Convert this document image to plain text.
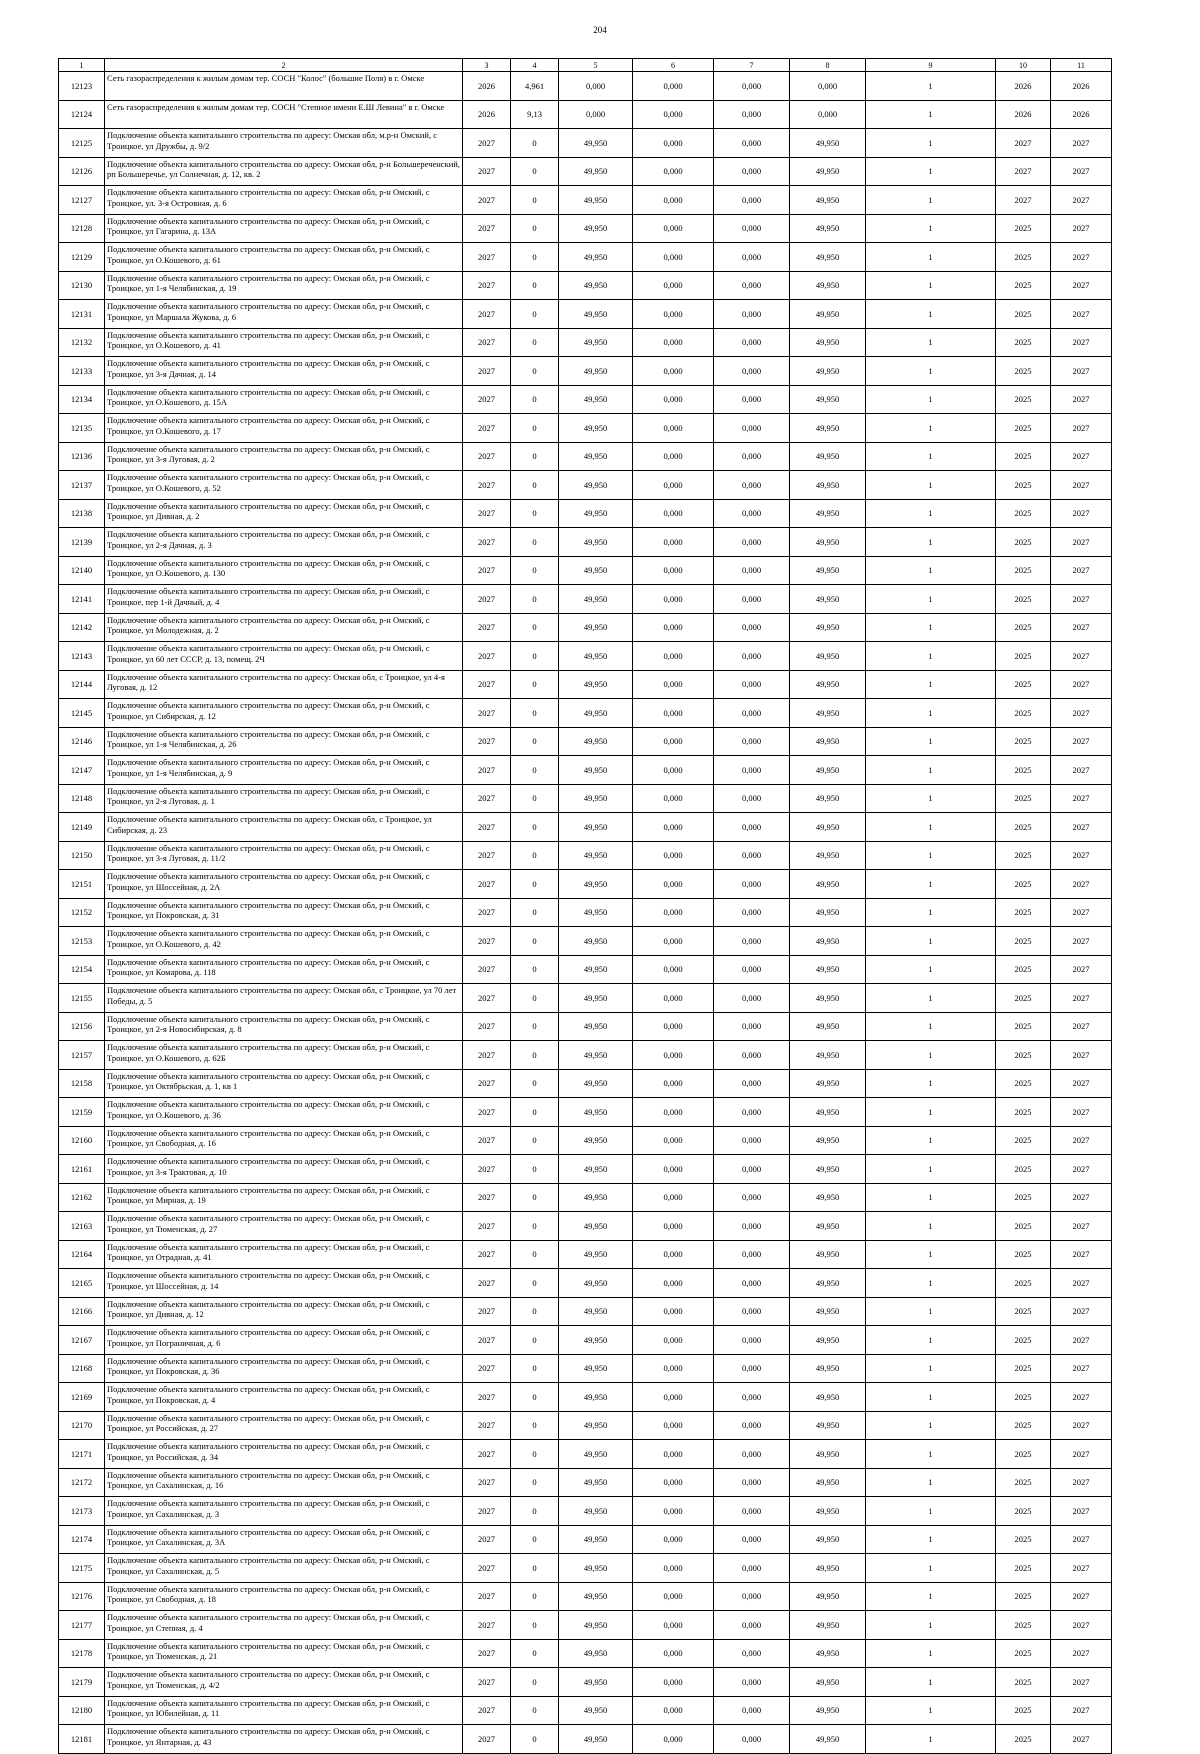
204
1	2	3	4	5	6	7	8	9	10	11
12123	Сеть газораспределения к жилым домам тер. СОСН "Колос" (большие Поля) в г. Омске	2026	4,961	0,000	0,000	0,000	0,000	1	2026	2026
12124	Сеть газораспределения к жилым домам тер. СОСН "Степное имени Е.Ш Левина" в г. Омске	2026	9,13	0,000	0,000	0,000	0,000	1	2026	2026
12125	Подключение объекта капитального строительства по адресу: Омская обл, м.р-н Омский, с Троицкое, ул Дружбы, д. 9/2	2027	0	49,950	0,000	0,000	49,950	1	2027	2027
12126	Подключение объекта капитального строительства по адресу: Омская обл, р-н Большереченский, рп Большеречье, ул Солнечная, д. 12, кв. 2	2027	0	49,950	0,000	0,000	49,950	1	2027	2027
12127	Подключение объекта капитального строительства по адресу: Омская обл, р-н Омский, с Троицкое, ул. 3-я Островная, д. 6	2027	0	49,950	0,000	0,000	49,950	1	2027	2027
12128	Подключение объекта капитального строительства по адресу: Омская обл, р-н Омский, с Троицкое, ул Гагарина, д. 13А	2027	0	49,950	0,000	0,000	49,950	1	2025	2027
12129	Подключение объекта капитального строительства по адресу: Омская обл, р-н Омский, с Троицкое, ул О.Кошевого, д. 61	2027	0	49,950	0,000	0,000	49,950	1	2025	2027
12130	Подключение объекта капитального строительства по адресу: Омская обл, р-н Омский, с Троицкое, ул 1-я Челябинская, д. 19	2027	0	49,950	0,000	0,000	49,950	1	2025	2027
12131	Подключение объекта капитального строительства по адресу: Омская обл, р-н Омский, с Троицкое, ул Маршала Жукова, д. 6	2027	0	49,950	0,000	0,000	49,950	1	2025	2027
12132	Подключение объекта капитального строительства по адресу: Омская обл, р-н Омский, с Троицкое, ул О.Кошевого, д. 41	2027	0	49,950	0,000	0,000	49,950	1	2025	2027
12133	Подключение объекта капитального строительства по адресу: Омская обл, р-н Омский, с Троицкое, ул 3-я Дачная, д. 14	2027	0	49,950	0,000	0,000	49,950	1	2025	2027
12134	Подключение объекта капитального строительства по адресу: Омская обл, р-н Омский, с Троицкое, ул О.Кошевого, д. 15А	2027	0	49,950	0,000	0,000	49,950	1	2025	2027
12135	Подключение объекта капитального строительства по адресу: Омская обл, р-н Омский, с Троицкое, ул О.Кошевого, д. 17	2027	0	49,950	0,000	0,000	49,950	1	2025	2027
12136	Подключение объекта капитального строительства по адресу: Омская обл, р-н Омский, с Троицкое, ул 3-я Луговая, д. 2	2027	0	49,950	0,000	0,000	49,950	1	2025	2027
12137	Подключение объекта капитального строительства по адресу: Омская обл, р-н Омский, с Троицкое, ул О.Кошевого, д. 52	2027	0	49,950	0,000	0,000	49,950	1	2025	2027
12138	Подключение объекта капитального строительства по адресу: Омская обл, р-н Омский, с Троицкое, ул Дивная, д. 2	2027	0	49,950	0,000	0,000	49,950	1	2025	2027
12139	Подключение объекта капитального строительства по адресу: Омская обл, р-н Омский, с Троицкое, ул 2-я Дачная, д. 3	2027	0	49,950	0,000	0,000	49,950	1	2025	2027
12140	Подключение объекта капитального строительства по адресу: Омская обл, р-н Омский, с Троицкое, ул О.Кошевого, д. 130	2027	0	49,950	0,000	0,000	49,950	1	2025	2027
12141	Подключение объекта капитального строительства по адресу: Омская обл, р-н Омский, с Троицкое, пер 1-й Дачный, д. 4	2027	0	49,950	0,000	0,000	49,950	1	2025	2027
12142	Подключение объекта капитального строительства по адресу: Омская обл, р-н Омский, с Троицкое, ул Молодежная, д. 2	2027	0	49,950	0,000	0,000	49,950	1	2025	2027
12143	Подключение объекта капитального строительства по адресу: Омская обл, р-н Омский, с Троицкое, ул 60 лет СССР, д. 13, помещ. 2Ч	2027	0	49,950	0,000	0,000	49,950	1	2025	2027
12144	Подключение объекта капитального строительства по адресу: Омская обл, с Троицкое, ул 4-я Луговая, д. 12	2027	0	49,950	0,000	0,000	49,950	1	2025	2027
12145	Подключение объекта капитального строительства по адресу: Омская обл, р-н Омский, с Троицкое, ул Сибирская, д. 12	2027	0	49,950	0,000	0,000	49,950	1	2025	2027
12146	Подключение объекта капитального строительства по адресу: Омская обл, р-н Омский, с Троицкое, ул 1-я Челябинская, д. 26	2027	0	49,950	0,000	0,000	49,950	1	2025	2027
12147	Подключение объекта капитального строительства по адресу: Омская обл, р-н Омский, с Троицкое, ул 1-я Челябинская, д. 9	2027	0	49,950	0,000	0,000	49,950	1	2025	2027
12148	Подключение объекта капитального строительства по адресу: Омская обл, р-н Омский, с Троицкое, ул 2-я Луговая, д. 1	2027	0	49,950	0,000	0,000	49,950	1	2025	2027
12149	Подключение объекта капитального строительства по адресу: Омская обл, с Троицкое, ул Сибирская, д. 23	2027	0	49,950	0,000	0,000	49,950	1	2025	2027
12150	Подключение объекта капитального строительства по адресу: Омская обл, р-н Омский, с Троицкое, ул 3-я Луговая, д. 11/2	2027	0	49,950	0,000	0,000	49,950	1	2025	2027
12151	Подключение объекта капитального строительства по адресу: Омская обл, р-н Омский, с Троицкое, ул Шоссейная, д. 2А	2027	0	49,950	0,000	0,000	49,950	1	2025	2027
12152	Подключение объекта капитального строительства по адресу: Омская обл, р-н Омский, с Троицкое, ул Покровская, д. 31	2027	0	49,950	0,000	0,000	49,950	1	2025	2027
12153	Подключение объекта капитального строительства по адресу: Омская обл, р-н Омский, с Троицкое, ул О.Кошевого, д. 42	2027	0	49,950	0,000	0,000	49,950	1	2025	2027
12154	Подключение объекта капитального строительства по адресу: Омская обл, р-н Омский, с Троицкое, ул Комарова, д. 118	2027	0	49,950	0,000	0,000	49,950	1	2025	2027
12155	Подключение объекта капитального строительства по адресу: Омская обл, с Троицкое, ул 70 лет Победы, д. 5	2027	0	49,950	0,000	0,000	49,950	1	2025	2027
12156	Подключение объекта капитального строительства по адресу: Омская обл, р-н Омский, с Троицкое, ул 2-я Новосибирская, д. 8	2027	0	49,950	0,000	0,000	49,950	1	2025	2027
12157	Подключение объекта капитального строительства по адресу: Омская обл, р-н Омский, с Троицкое, ул О.Кошевого, д. 62Б	2027	0	49,950	0,000	0,000	49,950	1	2025	2027
12158	Подключение объекта капитального строительства по адресу: Омская обл, р-н Омский, с Троицкое, ул Октябрьская, д. 1, кв 1	2027	0	49,950	0,000	0,000	49,950	1	2025	2027
12159	Подключение объекта капитального строительства по адресу: Омская обл, р-н Омский, с Троицкое, ул О.Кошевого, д. 36	2027	0	49,950	0,000	0,000	49,950	1	2025	2027
12160	Подключение объекта капитального строительства по адресу: Омская обл, р-н Омский, с Троицкое, ул Свободная, д. 16	2027	0	49,950	0,000	0,000	49,950	1	2025	2027
12161	Подключение объекта капитального строительства по адресу: Омская обл, р-н Омский, с Троицкое, ул 3-я Трактовая, д. 10	2027	0	49,950	0,000	0,000	49,950	1	2025	2027
12162	Подключение объекта капитального строительства по адресу: Омская обл, р-н Омский, с Троицкое, ул Мирная, д. 19	2027	0	49,950	0,000	0,000	49,950	1	2025	2027
12163	Подключение объекта капитального строительства по адресу: Омская обл, р-н Омский, с Троицкое, ул Тюменская, д. 27	2027	0	49,950	0,000	0,000	49,950	1	2025	2027
12164	Подключение объекта капитального строительства по адресу: Омская обл, р-н Омский, с Троицкое, ул Отрадная, д. 41	2027	0	49,950	0,000	0,000	49,950	1	2025	2027
12165	Подключение объекта капитального строительства по адресу: Омская обл, р-н Омский, с Троицкое, ул Шоссейная, д. 14	2027	0	49,950	0,000	0,000	49,950	1	2025	2027
12166	Подключение объекта капитального строительства по адресу: Омская обл, р-н Омский, с Троицкое, ул Дивная, д. 12	2027	0	49,950	0,000	0,000	49,950	1	2025	2027
12167	Подключение объекта капитального строительства по адресу: Омская обл, р-н Омский, с Троицкое, ул Пограничная, д. 6	2027	0	49,950	0,000	0,000	49,950	1	2025	2027
12168	Подключение объекта капитального строительства по адресу: Омская обл, р-н Омский, с Троицкое, ул Покровская, д. 36	2027	0	49,950	0,000	0,000	49,950	1	2025	2027
12169	Подключение объекта капитального строительства по адресу: Омская обл, р-н Омский, с Троицкое, ул Покровская, д. 4	2027	0	49,950	0,000	0,000	49,950	1	2025	2027
12170	Подключение объекта капитального строительства по адресу: Омская обл, р-н Омский, с Троицкое, ул Российская, д. 27	2027	0	49,950	0,000	0,000	49,950	1	2025	2027
12171	Подключение объекта капитального строительства по адресу: Омская обл, р-н Омский, с Троицкое, ул Российская, д. 34	2027	0	49,950	0,000	0,000	49,950	1	2025	2027
12172	Подключение объекта капитального строительства по адресу: Омская обл, р-н Омский, с Троицкое, ул Сахалинская, д. 16	2027	0	49,950	0,000	0,000	49,950	1	2025	2027
12173	Подключение объекта капитального строительства по адресу: Омская обл, р-н Омский, с Троицкое, ул Сахалинская, д. 3	2027	0	49,950	0,000	0,000	49,950	1	2025	2027
12174	Подключение объекта капитального строительства по адресу: Омская обл, р-н Омский, с Троицкое, ул Сахалинская, д. 3А	2027	0	49,950	0,000	0,000	49,950	1	2025	2027
12175	Подключение объекта капитального строительства по адресу: Омская обл, р-н Омский, с Троицкое, ул Сахалинская, д. 5	2027	0	49,950	0,000	0,000	49,950	1	2025	2027
12176	Подключение объекта капитального строительства по адресу: Омская обл, р-н Омский, с Троицкое, ул Свободная, д. 18	2027	0	49,950	0,000	0,000	49,950	1	2025	2027
12177	Подключение объекта капитального строительства по адресу: Омская обл, р-н Омский, с Троицкое, ул Степная, д. 4	2027	0	49,950	0,000	0,000	49,950	1	2025	2027
12178	Подключение объекта капитального строительства по адресу: Омская обл, р-н Омский, с Троицкое, ул Тюменская, д. 21	2027	0	49,950	0,000	0,000	49,950	1	2025	2027
12179	Подключение объекта капитального строительства по адресу: Омская обл, р-н Омский, с Троицкое, ул Тюменская, д. 4/2	2027	0	49,950	0,000	0,000	49,950	1	2025	2027
12180	Подключение объекта капитального строительства по адресу: Омская обл, р-н Омский, с Троицкое, ул Юбилейная, д. 11	2027	0	49,950	0,000	0,000	49,950	1	2025	2027
12181	Подключение объекта капитального строительства по адресу: Омская обл, р-н Омский, с Троицкое, ул Янтарная, д. 43	2027	0	49,950	0,000	0,000	49,950	1	2025	2027
